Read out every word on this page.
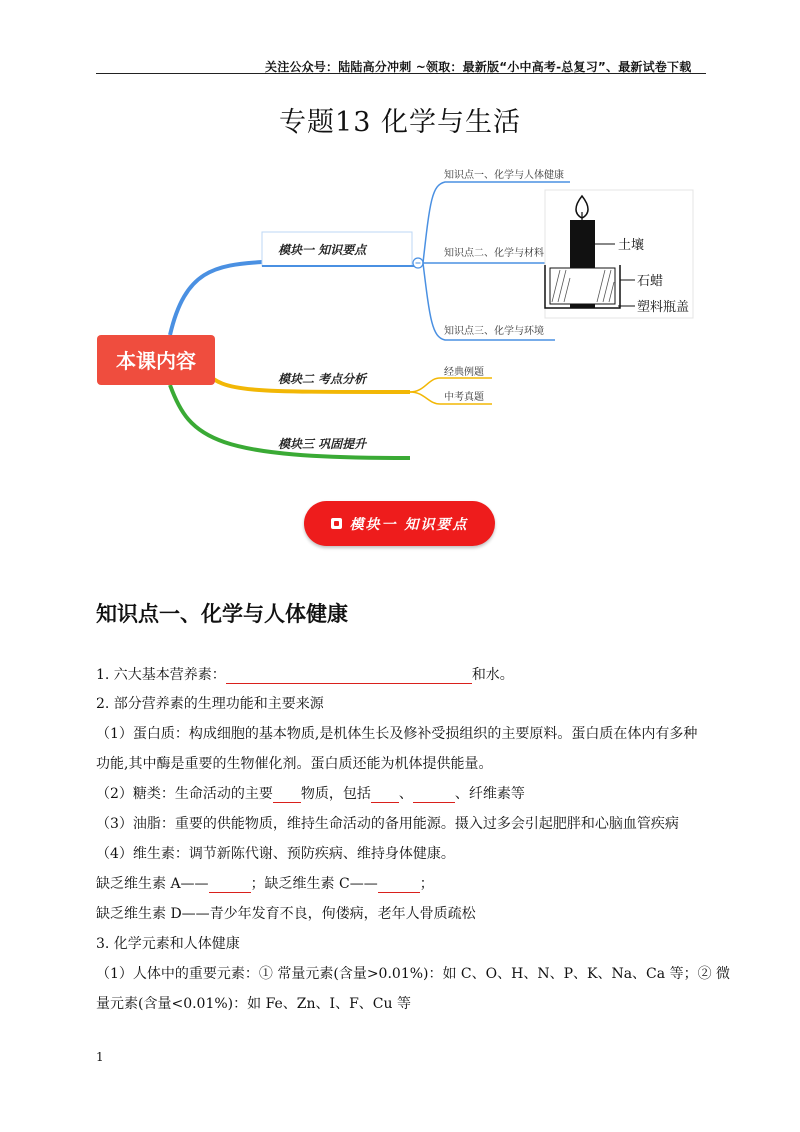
关注公众号：陆陆高分冲刺 ~领取：最新版“小中高考-总复习”、最新试卷下载
专题13 化学与生活
模块一 知识要点
知识点一、化学与人体健康
知识点二、化学与材料
知识点三、化学与环境
土壤
石蜡
塑料瓶盖
模块二 考点分析	经典例题
中考真题
模块三 巩固提升
本课内容
模块一 知识要点
知识点一、化学与人体健康
1. 六大基本营养素：	和水。
2. 部分营养素的生理功能和主要来源
（1）蛋白质：构成细胞的基本物质,是机体生长及修补受损组织的主要原料。蛋白质在体内有多种
功能,其中酶是重要的生物催化剂。蛋白质还能为机体提供能量。
（2）糖类：生命活动的主要 物质，包括 、	、纤维素等
（3）油脂：重要的供能物质，维持生命活动的备用能源。摄入过多会引起肥胖和心脑血管疾病
（4）维生素：调节新陈代谢、预防疾病、维持身体健康。
缺乏维生素 A——	；缺乏维生素 C——	；
缺乏维生素 D——青少年发育不良，佝偻病，老年人骨质疏松
3. 化学元素和人体健康
（1）人体中的重要元素：① 常量元素(含量>0.01%)：如 C、O、H、N、P、K、Na、Ca 等；② 微
量元素(含量<0.01%)：如 Fe、Zn、I、F、Cu 等
1
